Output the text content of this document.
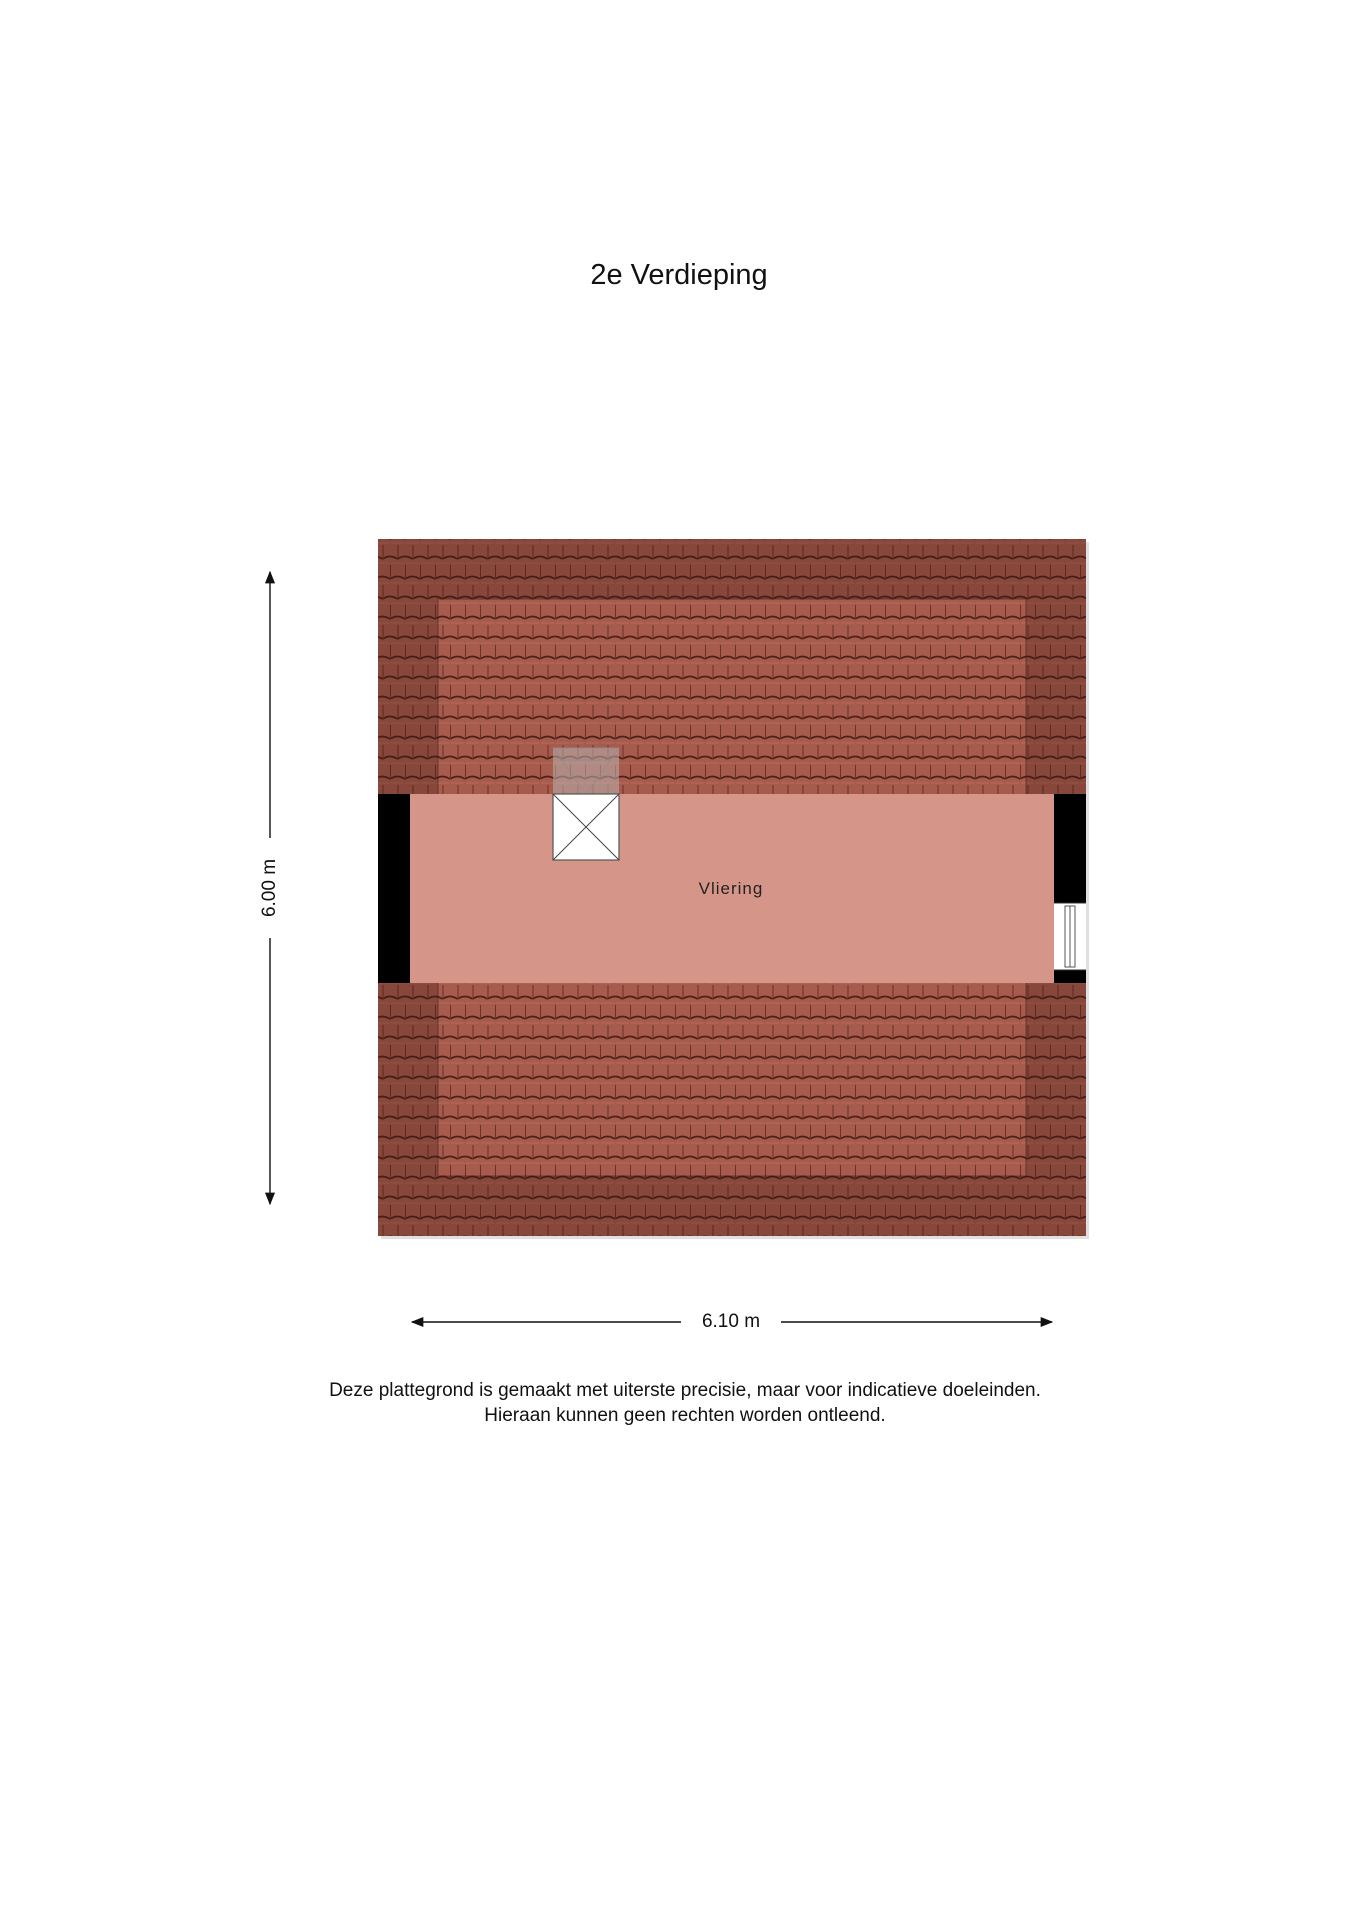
2e Verdieping
Vliering
6.00 m
6.10 m
Deze plattegrond is gemaakt met uiterste precisie, maar voor indicatieve doeleinden.
Hieraan kunnen geen rechten worden ontleend.
